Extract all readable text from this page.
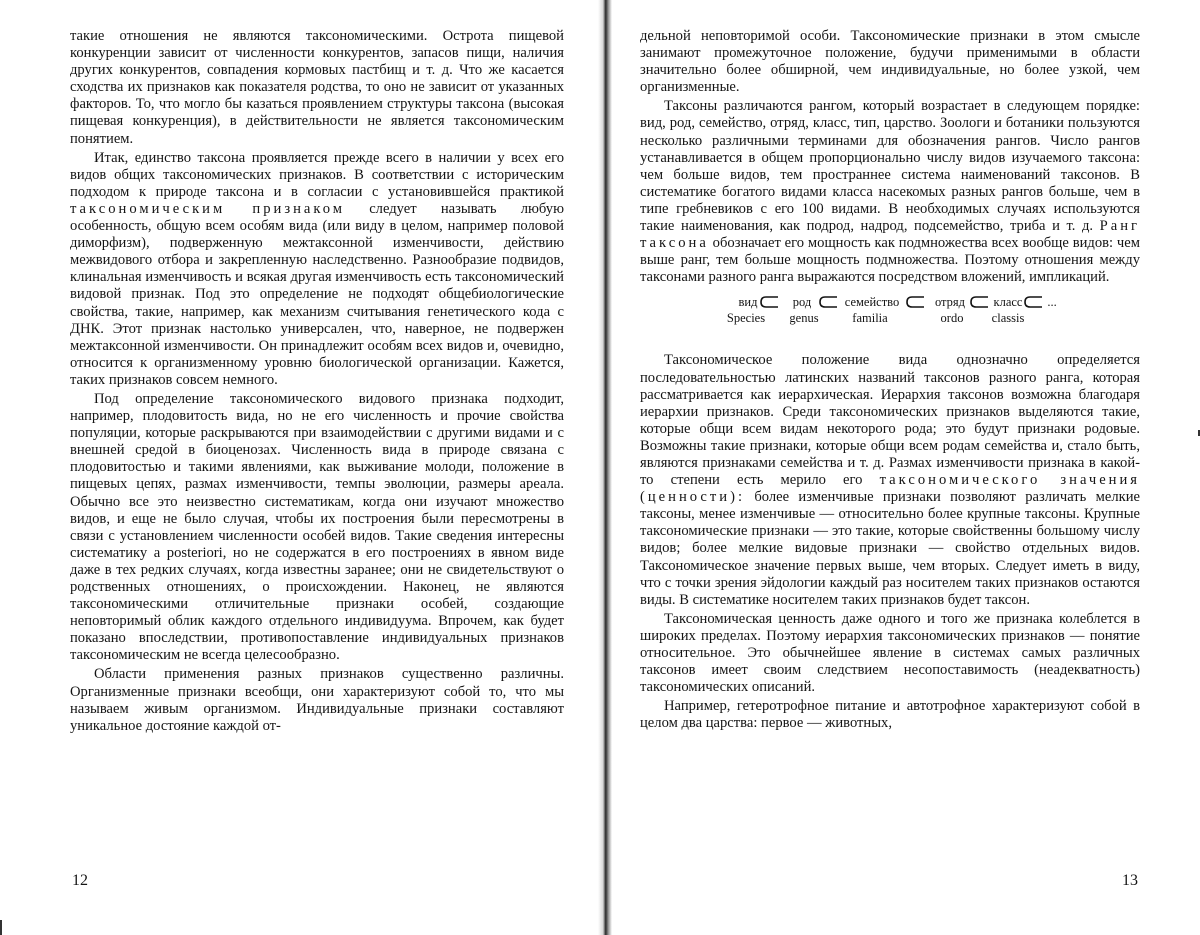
такие отношения не являются таксономическими. Острота пищевой конкуренции зависит от численности конкурентов, запасов пищи, наличия других конкурентов, совпадения кормовых пастбищ и т. д. Что же касается сходства их признаков как показателя родства, то оно не зависит от указанных факторов. То, что могло бы казаться проявлением структуры таксона (высокая пищевая конкуренция), в действительности не является таксономическим понятием.

Итак, единство таксона проявляется прежде всего в наличии у всех его видов общих таксономических признаков. В соответствии с историческим подходом к природе таксона и в согласии с установившейся практикой таксономическим признаком следует называть любую особенность, общую всем особям вида (или виду в целом, например половой диморфизм), подверженную межтаксонной изменчивости, действию межвидового отбора и закрепленную наследственно. Разнообразие подвидов, клинальная изменчивость и всякая другая изменчивость есть таксономический видовой признак. Под это определение не подходят общебиологические свойства, такие, например, как механизм считывания генетического кода с ДНК. Этот признак настолько универсален, что, наверное, не подвержен межтаксонной изменчивости. Он принадлежит особям всех видов и, очевидно, относится к организменному уровню биологической организации. Кажется, таких признаков совсем немного.

Под определение таксономического видового признака подходит, например, плодовитость вида, но не его численность и прочие свойства популяции, которые раскрываются при взаимодействии с другими видами и с внешней средой в биоценозах. Численность вида в природе связана с плодовитостью и такими явлениями, как выживание молоди, положение в пищевых цепях, размах изменчивости, темпы эволюции, размеры ареала. Обычно все это неизвестно систематикам, когда они изучают множество видов, и еще не было случая, чтобы их построения были пересмотрены в связи с установлением численности особей видов. Такие сведения интересны систематику a posteriori, но не содержатся в его построениях в явном виде даже в тех редких случаях, когда известны заранее; они не свидетельствуют о родственных отношениях, о происхождении. Наконец, не являются таксономическими отличительные признаки особей, создающие неповторимый облик каждого отдельного индивидуума. Впрочем, как будет показано впоследствии, противопоставление индивидуальных признаков таксономическим не всегда целесообразно.

Области применения разных признаков существенно различны. Организменные признаки всеобщи, они характеризуют собой то, что мы называем живым организмом. Индивидуальные признаки составляют уникальное достояние каждой от-

12

дельной неповторимой особи. Таксономические признаки в этом смысле занимают промежуточное положение, будучи применимыми в области значительно более обширной, чем индивидуальные, но более узкой, чем организменные.

Таксоны различаются рангом, который возрастает в следующем порядке: вид, род, семейство, отряд, класс, тип, царство. Зоологи и ботаники пользуются несколько различными терминами для обозначения рангов. Число рангов устанавливается в общем пропорционально числу видов изучаемого таксона: чем больше видов, тем пространнее система наименований таксонов. В систематике богатого видами класса насекомых разных рангов больше, чем в типе гребневиков с его 100 видами. В необходимых случаях используются такие наименования, как подрод, надрод, подсемейство, триба и т. д. Ранг таксона обозначает его мощность как подмножества всех вообще видов: чем выше ранг, тем больше мощность подмножества. Поэтому отношения между таксонами разного ранга выражаются посредством вложений, импликаций.

вид	род	семейство	отряд класс ...
Species genus	familia	ordo classis

Таксономическое положение вида однозначно определяется последовательностью латинских названий таксонов разного ранга, которая рассматривается как иерархическая. Иерархия таксонов возможна благодаря иерархии признаков. Среди таксономических признаков выделяются такие, которые общи всем видам некоторого рода; это будут признаки родовые. Возможны такие признаки, которые общи всем родам семейства и, стало быть, являются признаками семейства и т. д. Размах изменчивости признака в какой-то степени есть мерило его таксономического значения (ценности): более изменчивые признаки позволяют различать мелкие таксоны, менее изменчивые — относительно более крупные таксоны. Крупные таксономические признаки — это такие, которые свойственны большому числу видов; более мелкие видовые признаки — свойство отдельных видов. Таксономическое значение первых выше, чем вторых. Следует иметь в виду, что с точки зрения эйдологии каждый раз носителем таких признаков остаются виды. В систематике носителем таких признаков будет таксон.

Таксономическая ценность даже одного и того же признака колеблется в широких пределах. Поэтому иерархия таксономических признаков — понятие относительное. Это обычнейшее явление в системах самых различных таксонов имеет своим следствием несопоставимость (неадекватность) таксономических описаний.

Например, гетеротрофное питание и автотрофное характеризуют собой в целом два царства: первое — животных,

13
